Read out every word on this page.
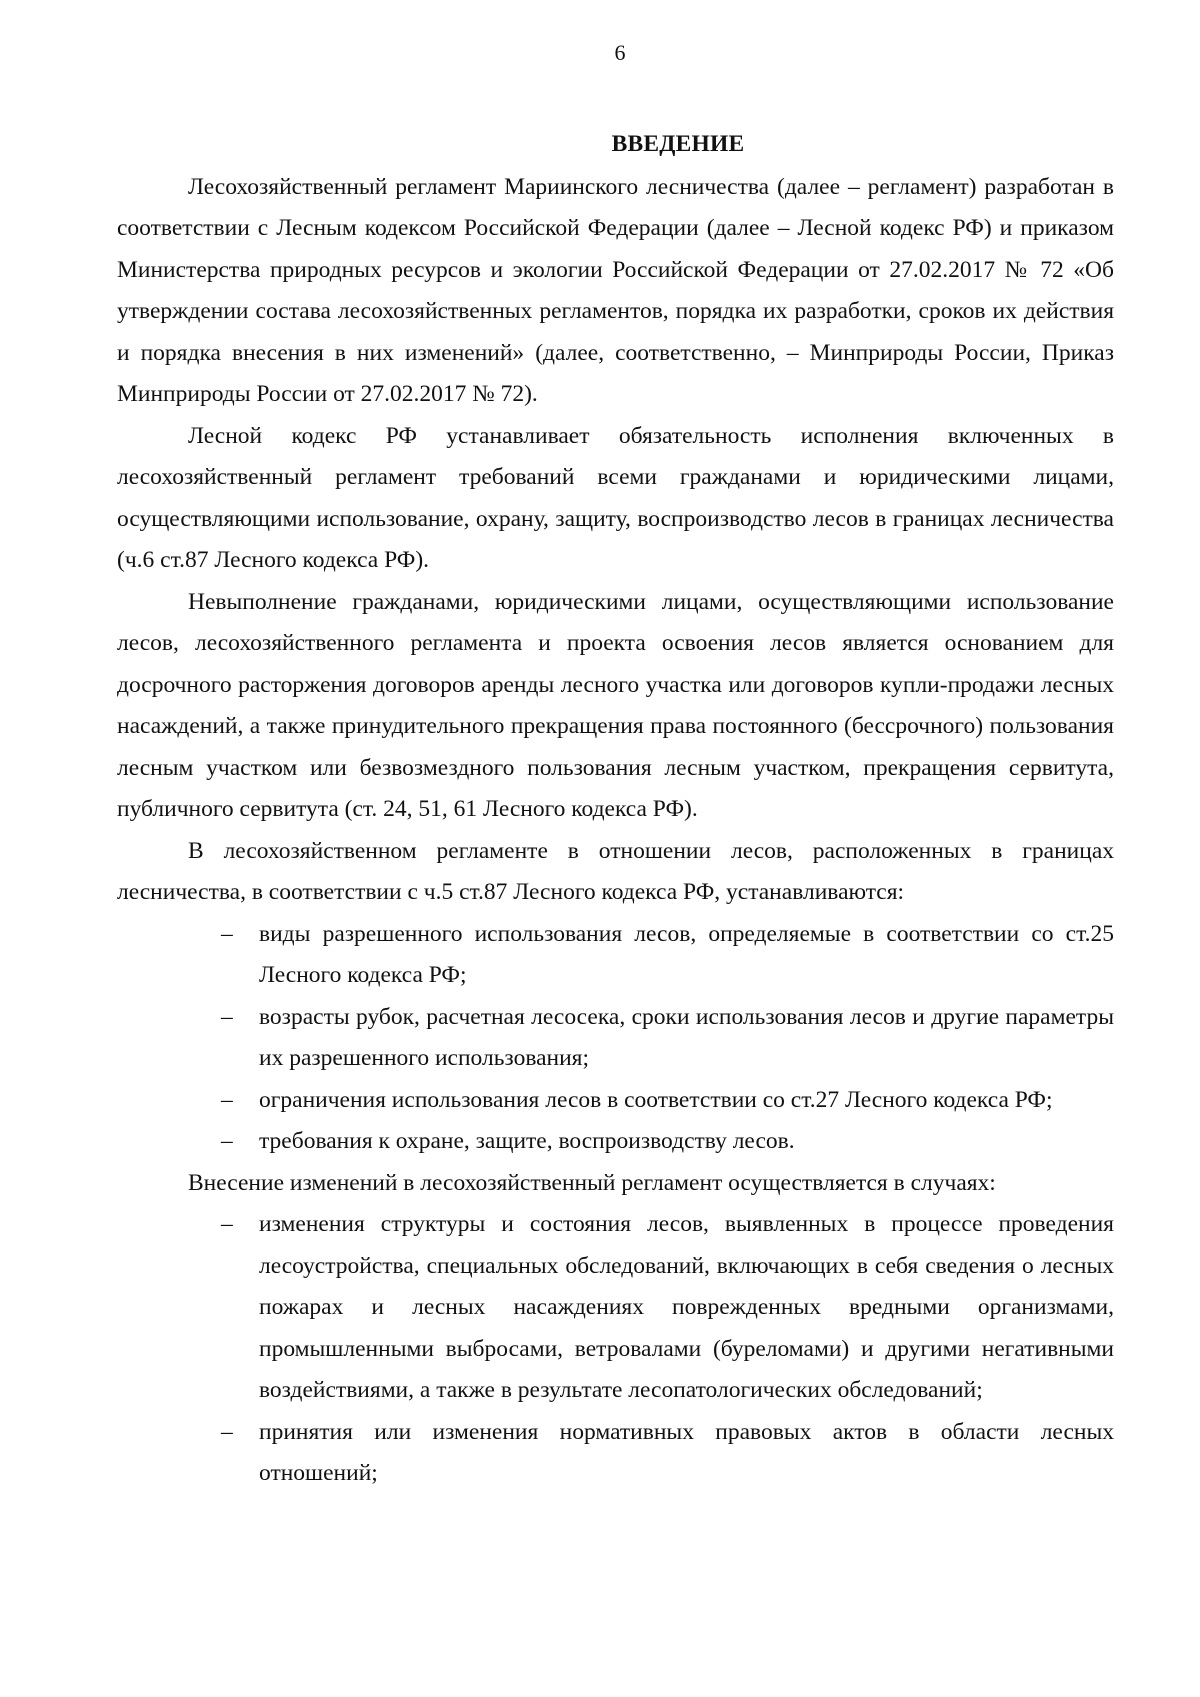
6
ВВЕДЕНИЕ

Лесохозяйственный регламент Мариинского лесничества (далее – регламент) разработан в соответствии с Лесным кодексом Российской Федерации (далее – Лесной кодекс РФ) и приказом Министерства природных ресурсов и экологии Российской Федерации от 27.02.2017 № 72 «Об утверждении состава лесохозяйственных регламентов, порядка их разработки, сроков их действия и порядка внесения в них изменений» (далее, соответственно, – Минприроды России, Приказ Минприроды России от 27.02.2017 № 72).

Лесной кодекс РФ устанавливает обязательность исполнения включенных в лесохозяйственный регламент требований всеми гражданами и юридическими лицами, осуществляющими использование, охрану, защиту, воспроизводство лесов в границах лесничества (ч.6 ст.87 Лесного кодекса РФ).

Невыполнение гражданами, юридическими лицами, осуществляющими использование лесов, лесохозяйственного регламента и проекта освоения лесов является основанием для досрочного расторжения договоров аренды лесного участка или договоров купли-продажи лесных насаждений, а также принудительного прекращения права постоянного (бессрочного) пользования лесным участком или безвозмездного пользования лесным участком, прекращения сервитута, публичного сервитута (ст. 24, 51, 61 Лесного кодекса РФ).

В лесохозяйственном регламенте в отношении лесов, расположенных в границах лесничества, в соответствии с ч.5 ст.87 Лесного кодекса РФ, устанавливаются:

– виды разрешенного использования лесов, определяемые в соответствии со ст.25 Лесного кодекса РФ;
– возрасты рубок, расчетная лесосека, сроки использования лесов и другие параметры их разрешенного использования;
– ограничения использования лесов в соответствии со ст.27 Лесного кодекса РФ;
– требования к охране, защите, воспроизводству лесов.

Внесение изменений в лесохозяйственный регламент осуществляется в случаях:

– изменения структуры и состояния лесов, выявленных в процессе проведения лесоустройства, специальных обследований, включающих в себя сведения о лесных пожарах и лесных насаждениях поврежденных вредными организмами, промышленными выбросами, ветровалами (буреломами) и другими негативными воздействиями, а также в результате лесопатологических обследований;
– принятия или изменения нормативных правовых актов в области лесных отношений;
